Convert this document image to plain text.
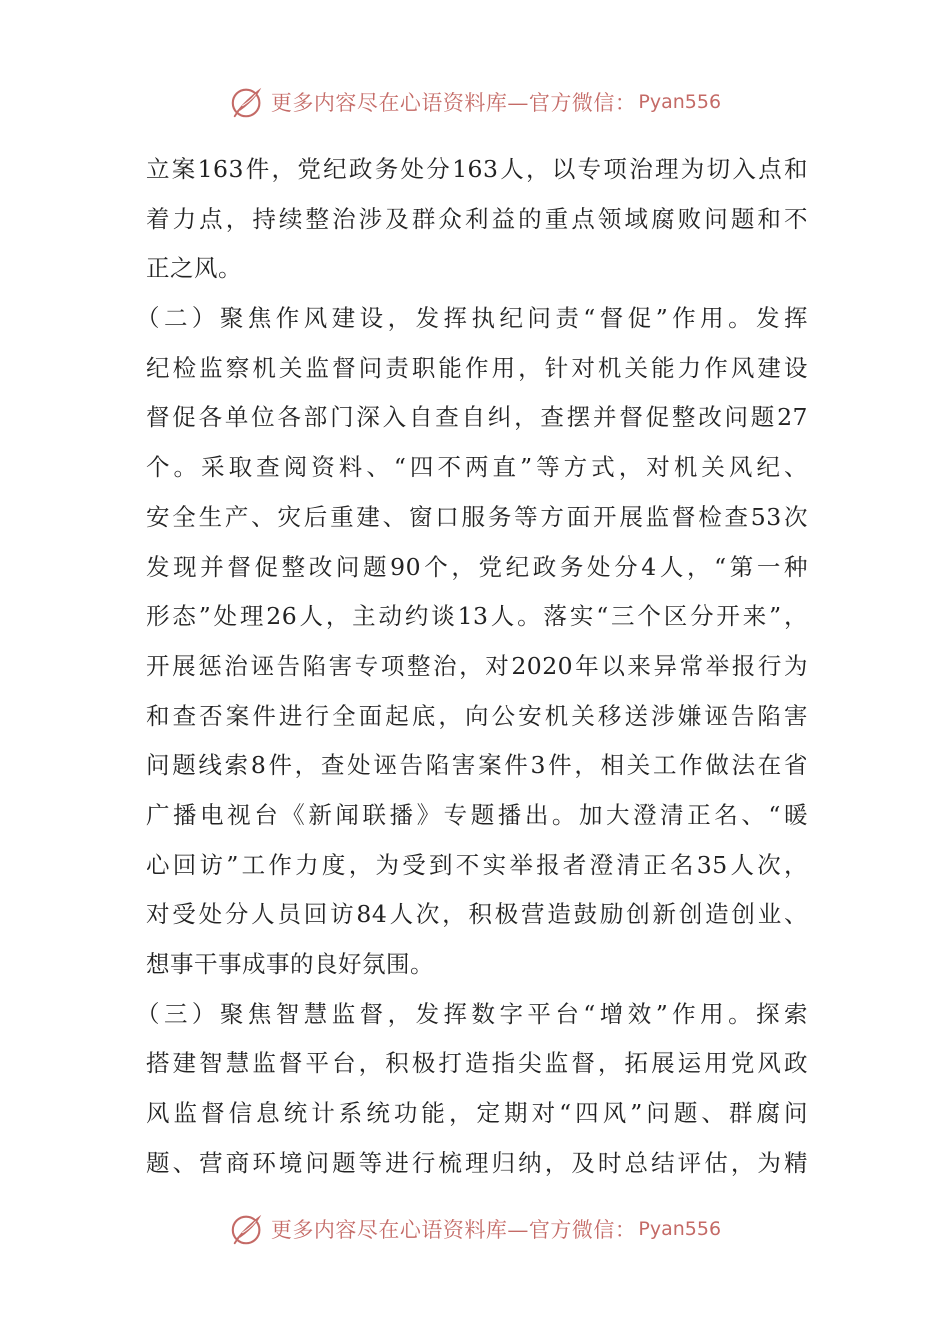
更多内容尽在心语资料库—官方微信： Pyan556
立案163件，党纪政务处分163人，以专项治理为切入点和
着力点，持续整治涉及群众利益的重点领域腐败问题和不
正之风。
（二）聚焦作风建设，发挥执纪问责“督促”作用。发挥
纪检监察机关监督问责职能作用，针对机关能力作风建设
督促各单位各部门深入自查自纠，查摆并督促整改问题27
个。采取查阅资料、“四不两直”等方式，对机关风纪、
安全生产、灾后重建、窗口服务等方面开展监督检查53次
发现并督促整改问题90个，党纪政务处分4人，“第一种
形态”处理26人，主动约谈13人。落实“三个区分开来”，
开展惩治诬告陷害专项整治，对2020年以来异常举报行为
和查否案件进行全面起底，向公安机关移送涉嫌诬告陷害
问题线索8件，查处诬告陷害案件3件，相关工作做法在省
广播电视台《新闻联播》专题播出。加大澄清正名、“暖
心回访”工作力度，为受到不实举报者澄清正名35人次，
对受处分人员回访84人次，积极营造鼓励创新创造创业、
想事干事成事的良好氛围。
（三）聚焦智慧监督，发挥数字平台“增效”作用。探索
搭建智慧监督平台，积极打造指尖监督，拓展运用党风政
风监督信息统计系统功能，定期对“四风”问题、群腐问
题、营商环境问题等进行梳理归纳，及时总结评估，为精
更多内容尽在心语资料库—官方微信： Pyan556
